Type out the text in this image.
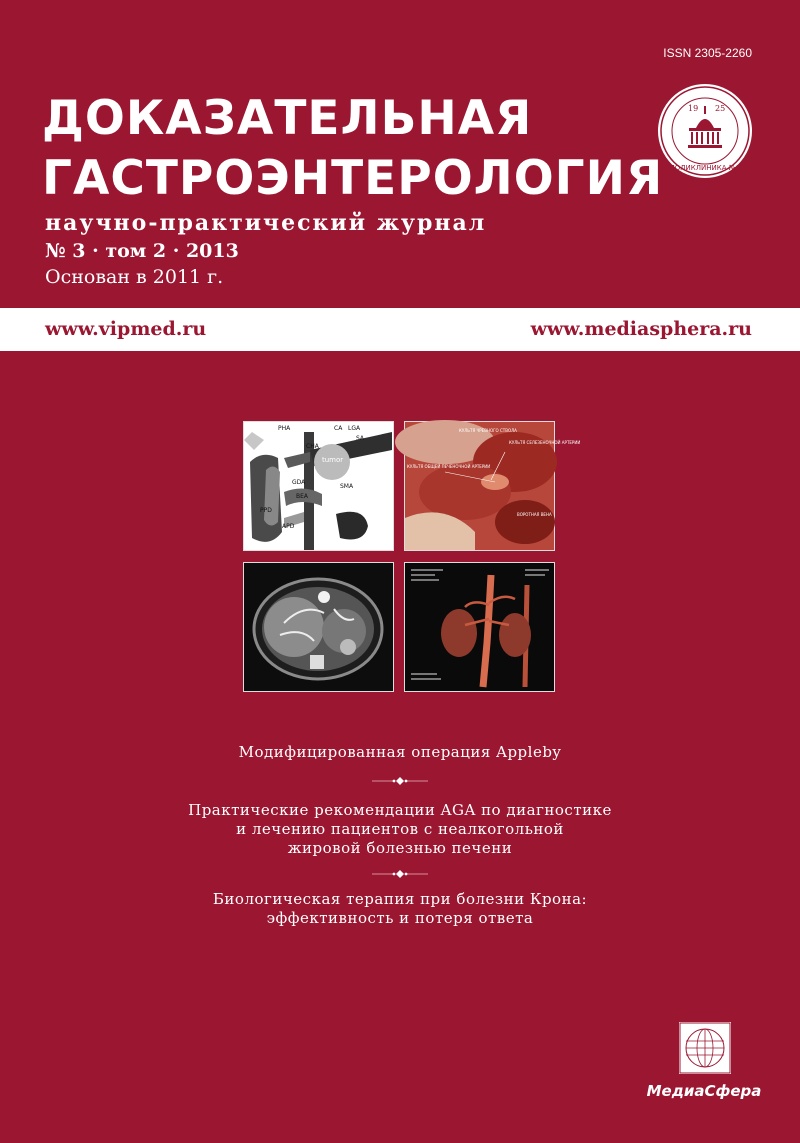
ISSN 2305-2260
ДОКАЗАТЕЛЬНАЯ
ГАСТРОЭНТЕРОЛОГИЯ
научно-практический журнал
№ 3 · том 2 · 2013
Основан в 2011 г.
19 25
ПОЛИКЛИНИКА №1
www.vipmed.ru	www.mediasphera.ru
PHA	CA LGA
SA
CHA
tumor
GDA
SMA
PPD
BEA
APD
КУЛЬТЯ ЧРЕВНОГО СТВОЛА
КУЛЬТЯ СЕЛЕЗЕНОЧНОЙ АРТЕРИИ
КУЛЬТЯ ОБЩЕЙ ПЕЧЕНОЧНОЙ АРТЕРИИ
ВОРОТНАЯ ВЕНА
Модифицированная операция Appleby
Практические рекомендации AGA по диагностике
и лечению пациентов с неалкогольной
жировой болезнью печени
Биологическая терапия при болезни Крона:
эффективность и потеря ответа
МедиаСфера
